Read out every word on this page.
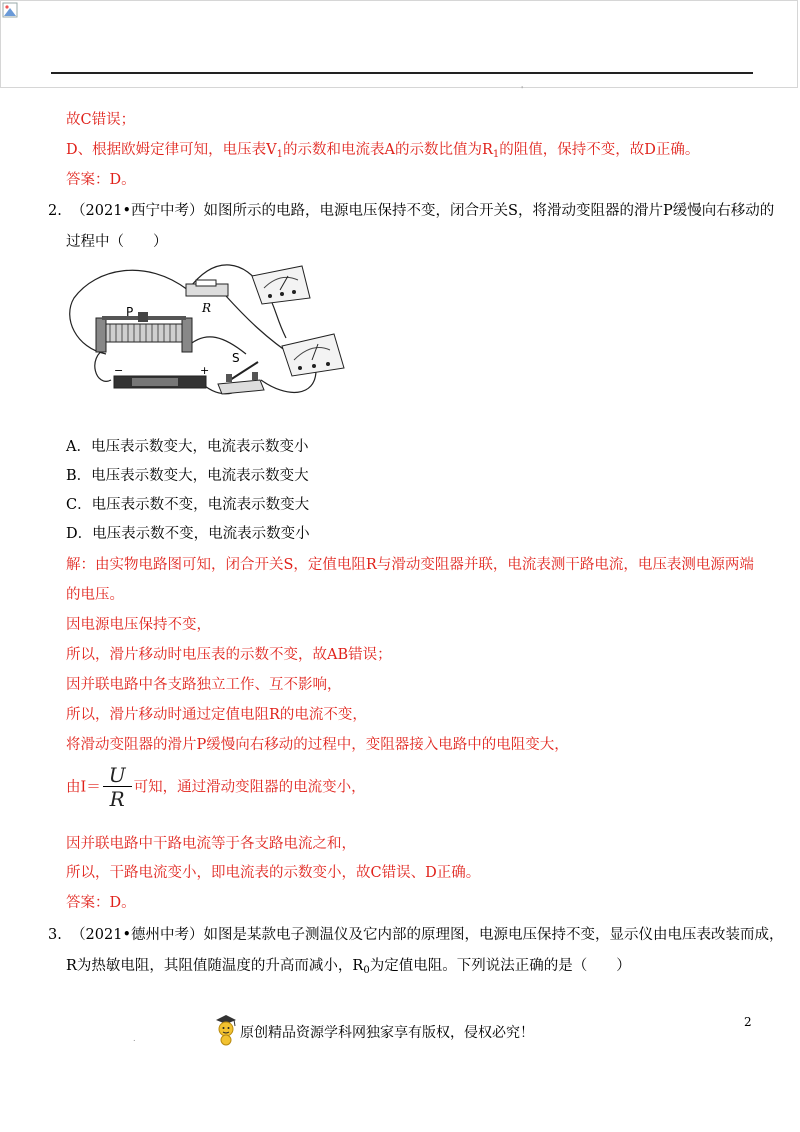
'
故C错误；
D、根据欧姆定律可知，电压表$V_1$的示数和电流表A的示数比值为$R_1$的阻值，保持不变，故D正确。
答案：D。
2. （2021•西宁中考）如图所示的电路，电源电压保持不变，闭合开关S，将滑动变阻器的滑片P缓慢向右移动的
过程中（　　）
R
P
−	+
S
A．电压表示数变大，电流表示数变小
B．电压表示数变大，电流表示数变大
C．电压表示数不变，电流表示数变大
D．电压表示数不变，电流表示数变小
解：由实物电路图可知，闭合开关S，定值电阻R与滑动变阻器并联，电流表测干路电流，电压表测电源两端
的电压。
因电源电压保持不变，
所以，滑片移动时电压表的示数不变，故AB错误；
因并联电路中各支路独立工作、互不影响，
所以，滑片移动时通过定值电阻R的电流不变，
将滑动变阻器的滑片P缓慢向右移动的过程中，变阻器接入电路中的电阻变大，
由$I= \frac{U}{R}$ 可知，通过滑动变阻器的电流变小，
因并联电路中干路电流等于各支路电流之和，
所以，干路电流变小，即电流表的示数变小，故C错误、D正确。
答案：D。
3. （2021•德州中考）如图是某款电子测温仪及它内部的原理图，电源电压保持不变，显示仪由电压表改装而成，
R为热敏电阻，其阻值随温度的升高而减小，$R_0$为定值电阻。下列说法正确的是（　　）
2
原创精品资源学科网独家享有版权，侵权必究！
.
